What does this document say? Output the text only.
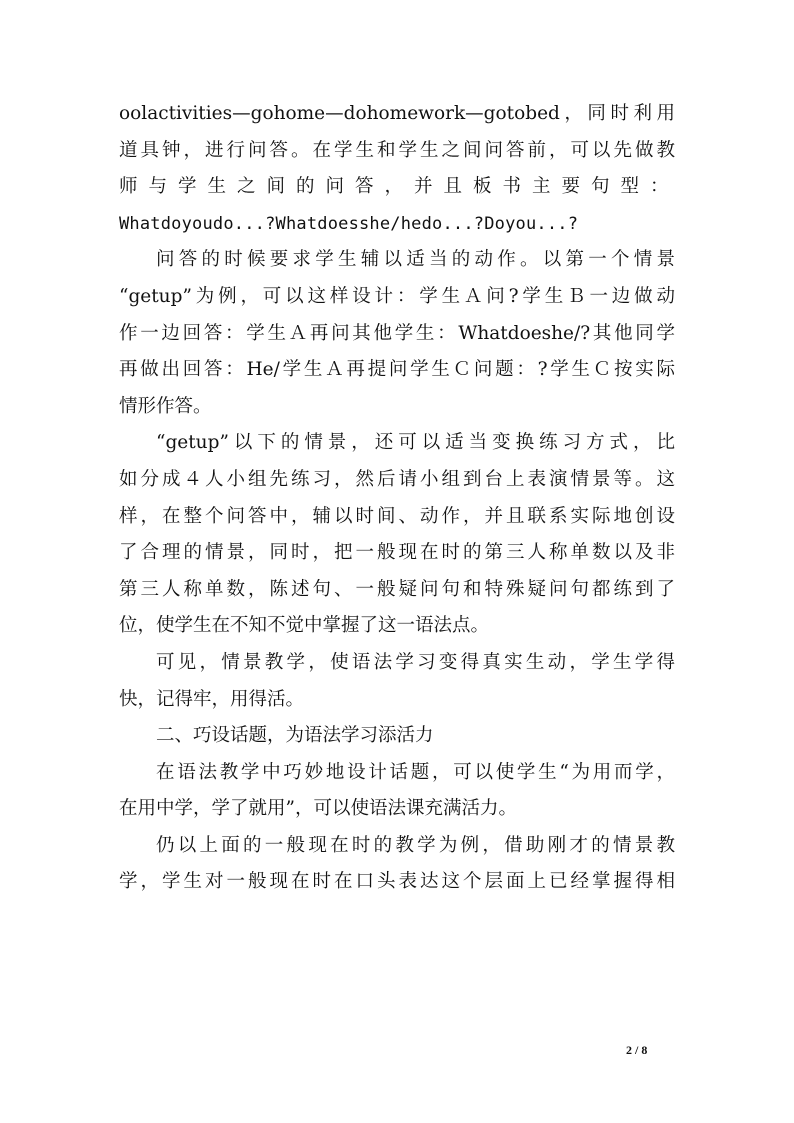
oolactivities—gohome—dohomework—gotobed，同时利用
道具钟，进行问答。在学生和学生之间问答前，可以先做教
师与学生之间的问答，并且板书主要句型：
Whatdoyoudo...?Whatdoesshe/hedo...?Doyou...?

问答的时候要求学生辅以适当的动作。以第一个情景
“getup”为例，可以这样设计：学生Ａ问?学生Ｂ一边做动
作一边回答：学生Ａ再问其他学生：Whatdoeshe/?其他同学
再做出回答：He/学生Ａ再提问学生Ｃ问题：?学生Ｃ按实际
情形作答。

“getup”以下的情景，还可以适当变换练习方式，比
如分成４人小组先练习，然后请小组到台上表演情景等。这
样，在整个问答中，辅以时间、动作，并且联系实际地创设
了合理的情景，同时，把一般现在时的第三人称单数以及非
第三人称单数，陈述句、一般疑问句和特殊疑问句都练到了
位，使学生在不知不觉中掌握了这一语法点。

可见，情景教学，使语法学习变得真实生动，学生学得
快，记得牢，用得活。

二、巧设话题，为语法学习添活力

在语法教学中巧妙地设计话题，可以使学生“为用而学，
在用中学，学了就用”，可以使语法课充满活力。

仍以上面的一般现在时的教学为例，借助刚才的情景教
学，学生对一般现在时在口头表达这个层面上已经掌握得相

2 / 8
